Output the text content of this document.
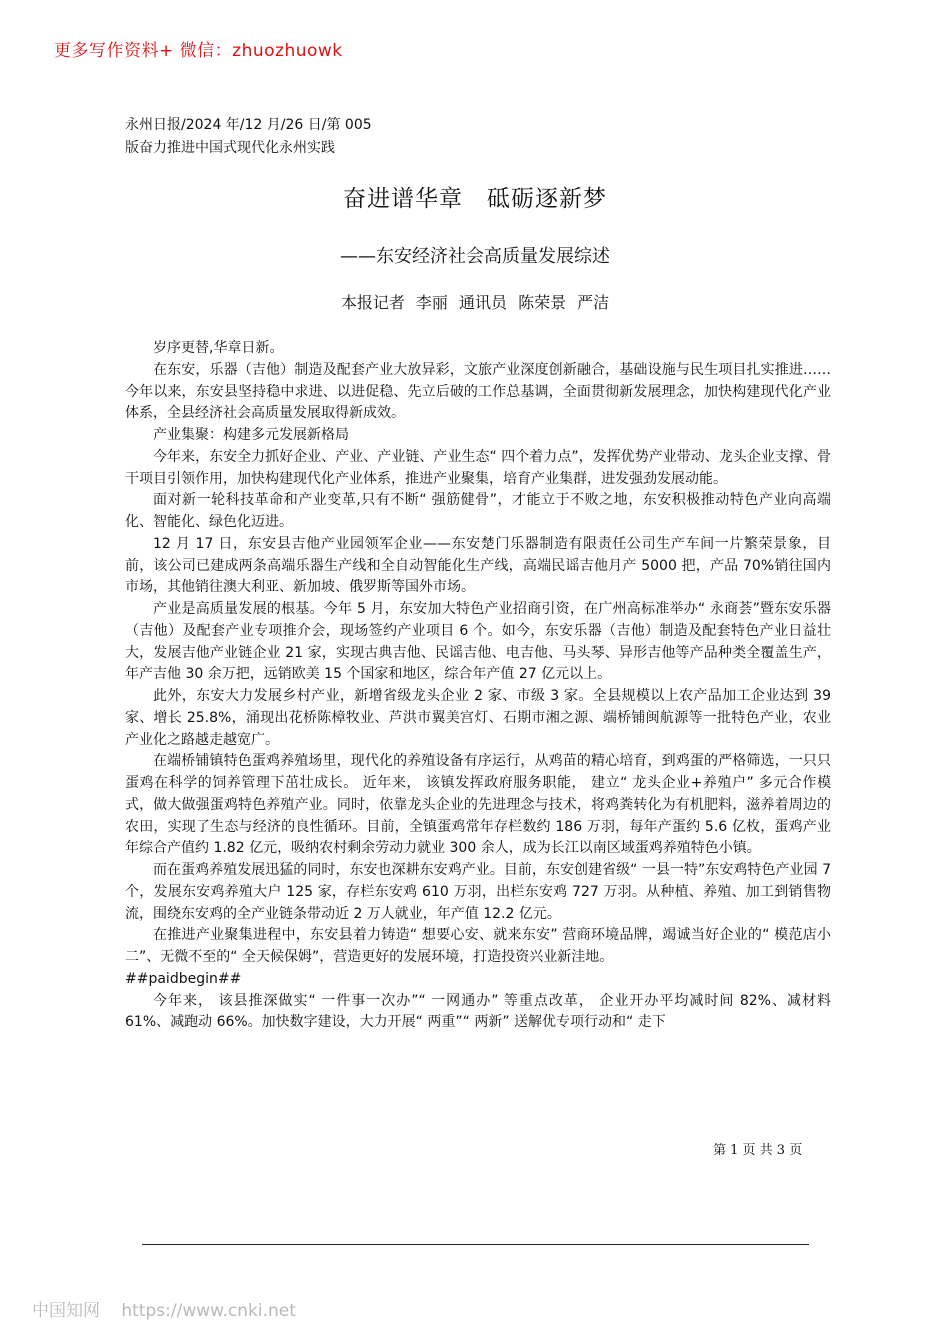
更多写作资料+ 微信：zhuozhuowk
永州日报/2024 年/12 月/26 日/第 005
版奋力推进中国式现代化永州实践
奋进谱华章　砥砺逐新梦
——东安经济社会高质量发展综述
本报记者 李丽 通讯员 陈荣景 严洁

岁序更替,华章日新。

在东安，乐器（吉他）制造及配套产业大放异彩，文旅产业深度创新融合，基础设施与民生项目扎实推进……今年以来，东安县坚持稳中求进、以进促稳、先立后破的工作总基调，全面贯彻新发展理念，加快构建现代化产业体系，全县经济社会高质量发展取得新成效。

产业集聚：构建多元发展新格局

今年来，东安全力抓好企业、产业、产业链、产业生态“ 四个着力点”，发挥优势产业带动、龙头企业支撑、骨干项目引领作用，加快构建现代化产业体系，推进产业聚集，培育产业集群，进发强劲发展动能。

面对新一轮科技革命和产业变革,只有不断“ 强筋健骨”，才能立于不败之地，东安积极推动特色产业向高端化、智能化、绿色化迈进。

12 月 17 日，东安县吉他产业园领军企业——东安楚门乐器制造有限责任公司生产车间一片繁荣景象，目前，该公司已建成两条高端乐器生产线和全自动智能化生产线，高端民谣吉他月产 5000 把，产品 70%销往国内市场，其他销往澳大利亚、新加坡、俄罗斯等国外市场。

产业是高质量发展的根基。今年 5 月，东安加大特色产业招商引资，在广州高标准举办“ 永商荟”暨东安乐器（吉他）及配套产业专项推介会，现场签约产业项目 6 个。如今，东安乐器（吉他）制造及配套特色产业日益壮大，发展吉他产业链企业 21 家，实现古典吉他、民谣吉他、电吉他、马头琴、异形吉他等产品种类全覆盖生产，年产吉他 30 余万把，远销欧美 15 个国家和地区，综合年产值 27 亿元以上。

此外，东安大力发展乡村产业，新增省级龙头企业 2 家、市级 3 家。全县规模以上农产品加工企业达到 39 家、增长 25.8%，涌现出花桥陈樟牧业、芦洪市翼美宫灯、石期市湘之源、端桥铺闽航源等一批特色产业，农业产业化之路越走越宽广。

在端桥铺镇特色蛋鸡养殖场里，现代化的养殖设备有序运行，从鸡苗的精心培育，到鸡蛋的严格筛选，一只只蛋鸡在科学的饲养管理下茁壮成长。 近年来， 该镇发挥政府服务职能， 建立“ 龙头企业+养殖户” 多元合作模式，做大做强蛋鸡特色养殖产业。同时，依靠龙头企业的先进理念与技术，将鸡粪转化为有机肥料，滋养着周边的农田，实现了生态与经济的良性循环。目前，全镇蛋鸡常年存栏数约 186 万羽，每年产蛋约 5.6 亿枚，蛋鸡产业年综合产值约 1.82 亿元，吸纳农村剩余劳动力就业 300 余人，成为长江以南区域蛋鸡养殖特色小镇。

而在蛋鸡养殖发展迅猛的同时，东安也深耕东安鸡产业。目前，东安创建省级“ 一县一特”东安鸡特色产业园 7 个，发展东安鸡养殖大户 125 家，存栏东安鸡 610 万羽，出栏东安鸡 727 万羽。从种植、养殖、加工到销售物流，围绕东安鸡的全产业链条带动近 2 万人就业，年产值 12.2 亿元。

在推进产业聚集进程中，东安县着力铸造“ 想要心安、就来东安” 营商环境品牌，竭诚当好企业的“ 模范店小二”、无微不至的“ 全天候保姆”，营造更好的发展环境，打造投资兴业新洼地。

##paidbegin##

今年来， 该县推深做实“ 一件事一次办”“ 一网通办” 等重点改革， 企业开办平均减时间 82%、减材料 61%、减跑动 66%。加快数字建设，大力开展“ 两重”“ 两新” 送解优专项行动和“ 走下

第 1 页 共 3 页
中国知网 https://www.cnki.net
